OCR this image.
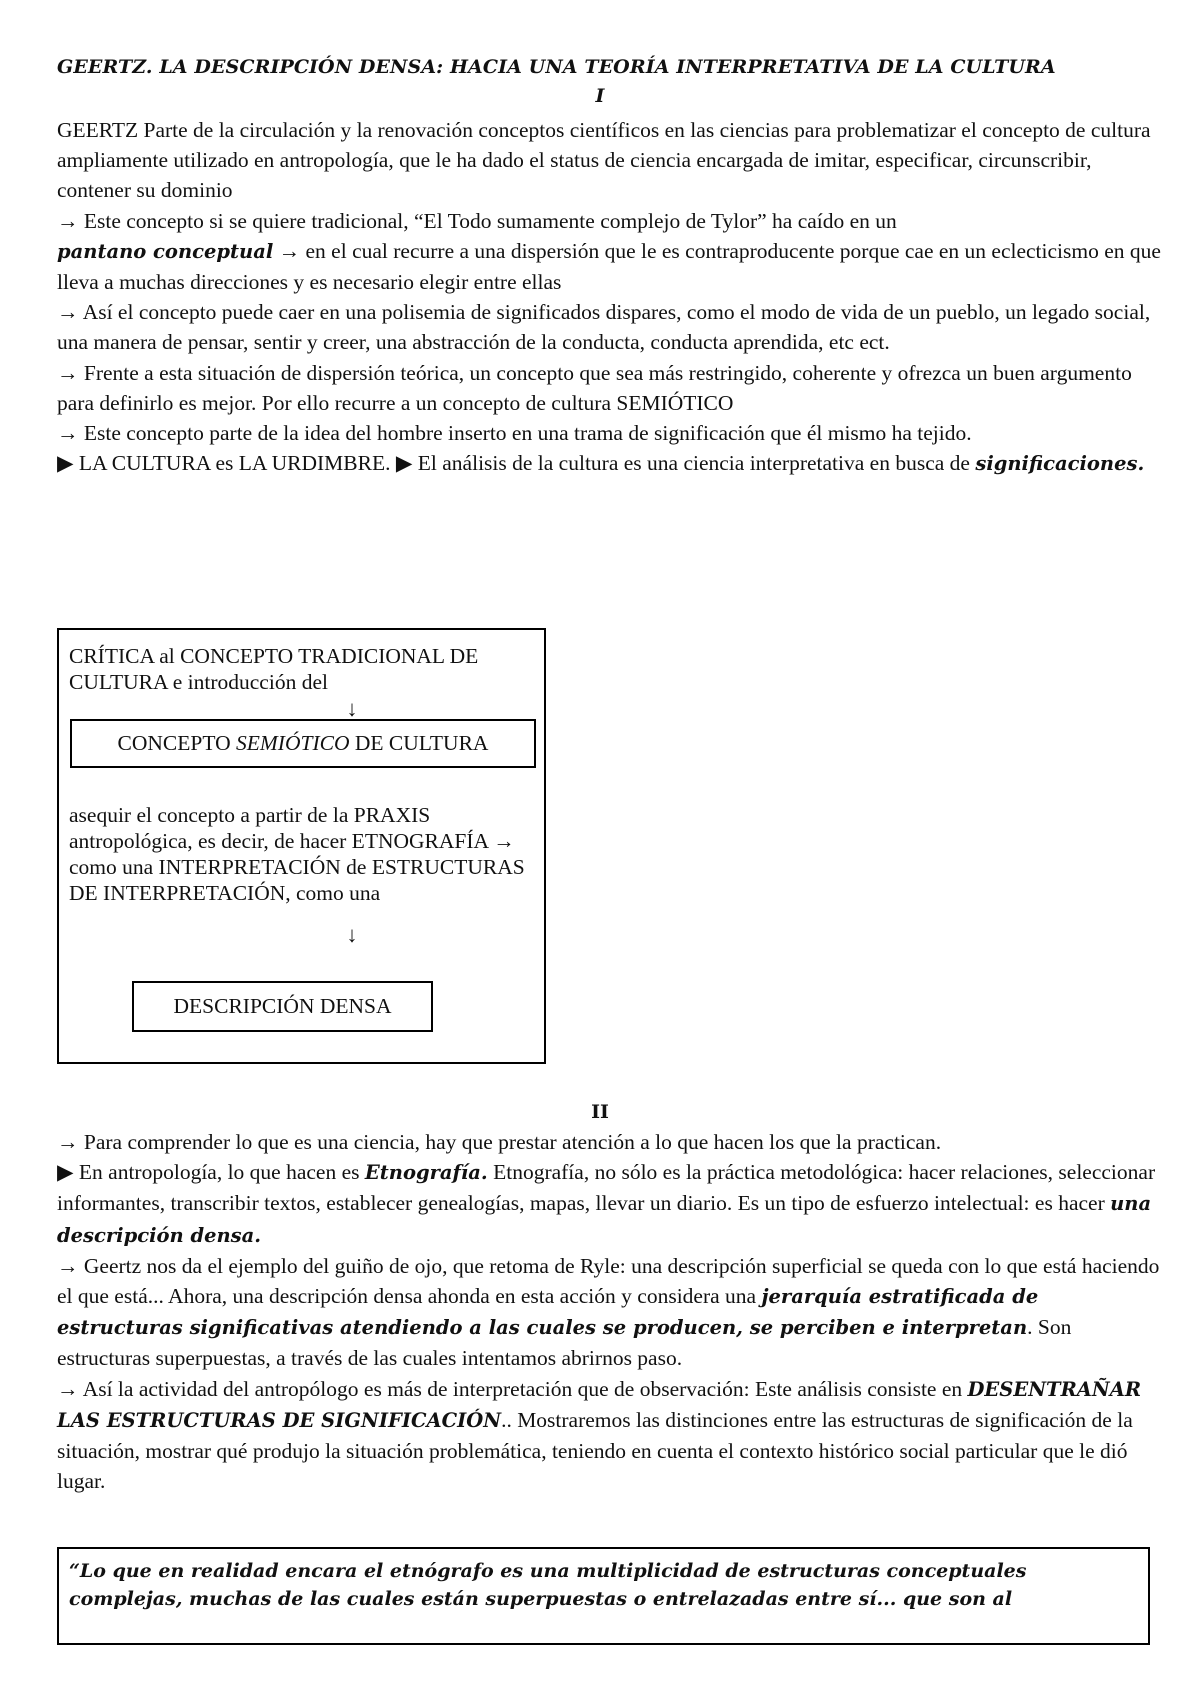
GEERTZ. LA DESCRIPCIÓN DENSA: HACIA UNA TEORÍA INTERPRETATIVA DE LA CULTURA
I

GEERTZ Parte de la circulación y la renovación conceptos científicos en las ciencias para problematizar el concepto de cultura ampliamente utilizado en antropología, que le ha dado el status de ciencia encargada de imitar, especificar, circunscribir, contener su dominio

→ Este concepto si se quiere tradicional, “El Todo sumamente complejo de Tylor” ha caído en un
pantano conceptual → en el cual recurre a una dispersión que le es contraproducente porque cae en un eclecticismo en que lleva a muchas direcciones y es necesario elegir entre ellas

→ Así el concepto puede caer en una polisemia de significados dispares, como el modo de vida de un pueblo, un legado social, una manera de pensar, sentir y creer, una abstracción de la conducta, conducta aprendida, etc ect.

→ Frente a esta situación de dispersión teórica, un concepto que sea más restringido, coherente y ofrezca un buen argumento para definirlo es mejor. Por ello recurre a un concepto de cultura SEMIÓTICO

→ Este concepto parte de la idea del hombre inserto en una trama de significación que él mismo ha tejido.

▶ LA CULTURA es LA URDIMBRE. ▶ El análisis de la cultura es una ciencia interpretativa en busca de significaciones.

CRÍTICA al CONCEPTO TRADICIONAL DE CULTURA e introducción del
↓
CONCEPTO SEMIÓTICO DE CULTURA
asequir el concepto a partir de la PRAXIS antropológica, es decir, de hacer ETNOGRAFÍA → como una INTERPRETACIÓN de ESTRUCTURAS DE INTERPRETACIÓN, como una
↓
DESCRIPCIÓN DENSA
II

→ Para comprender lo que es una ciencia, hay que prestar atención a lo que hacen los que la practican.

▶ En antropología, lo que hacen es Etnografía. Etnografía, no sólo es la práctica metodológica: hacer relaciones, seleccionar informantes, transcribir textos, establecer genealogías, mapas, llevar un diario. Es un tipo de esfuerzo intelectual: es hacer una descripción densa.

→ Geertz nos da el ejemplo del guiño de ojo, que retoma de Ryle: una descripción superficial se queda con lo que está haciendo el que está... Ahora, una descripción densa ahonda en esta acción y considera una jerarquía estratificada de estructuras significativas atendiendo a las cuales se producen, se perciben e interpretan. Son estructuras superpuestas, a través de las cuales intentamos abrirnos paso.

→ Así la actividad del antropólogo es más de interpretación que de observación: Este análisis consiste en DESENTRAÑAR LAS ESTRUCTURAS DE SIGNIFICACIÓN.. Mostraremos las distinciones entre las estructuras de significación de la situación, mostrar qué produjo la situación problemática, teniendo en cuenta el contexto histórico social particular que le dió lugar.

“Lo que en realidad encara el etnógrafo es una multiplicidad de estructuras conceptuales
complejas, muchas de las cuales están superpuestas o entrelazadas entre sí... que son al
